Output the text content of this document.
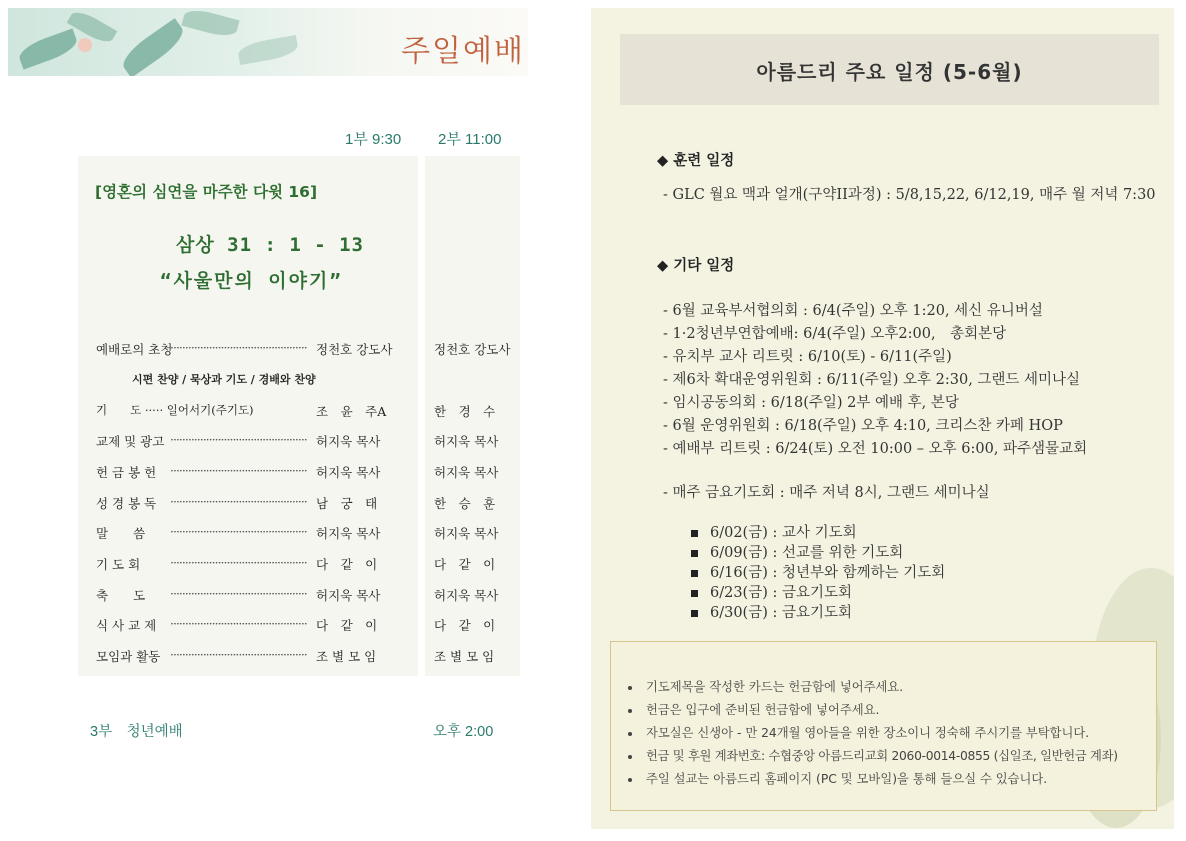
주일예배
1부 9:30 2부 11:00
[영혼의 심연을 마주한 다윗 16]
삼상 31 : 1 - 13
“사울만의 이야기”
예배로의 초청
·············································· 정천호 강도사	정천호 강도사
시편 찬양 / 묵상과 기도 / 경배와 찬양
기　　도 ····· 일어서기(주기도)	조　윤　주A	한　경　수
교제 및 광고 ·············································· 허지욱 목사	허지욱 목사
헌 금 봉 헌 ·············································· 허지욱 목사	허지욱 목사
성 경 봉 독 ·············································· 남　궁　태	한　승　훈
말　　씀 ·············································· 허지욱 목사	허지욱 목사
기 도 회 ·············································· 다　같　이	다　같　이
축　　도 ·············································· 허지욱 목사	허지욱 목사
식 사 교 제 ·············································· 다　같　이	다　같　이
모임과 활동 ·············································· 조 별 모 임	조 별 모 임
3부　청년예배	오후 2:00
아름드리 주요 일정 (5-6월)
◆ 훈련 일정
- GLC 월요 맥과 얼개(구약II과정) : 5/8,15,22, 6/12,19, 매주 월 저녁 7:30
◆ 기타 일정
- 6월 교육부서협의회 : 6/4(주일) 오후 1:20, 세신 유니버설
- 1·2청년부연합예배: 6/4(주일) 오후2:00,　총회본당
- 유치부 교사 리트릿 : 6/10(토) - 6/11(주일)
- 제6차 확대운영위원회 : 6/11(주일) 오후 2:30, 그랜드 세미나실
- 임시공동의회 : 6/18(주일) 2부 예배 후, 본당
- 6월 운영위원회 : 6/18(주일) 오후 4:10, 크리스찬 카페 HOP
- 예배부 리트릿 : 6/24(토) 오전 10:00 – 오후 6:00, 파주샘물교회
- 매주 금요기도회 : 매주 저녁 8시, 그랜드 세미나실
6/02(금) : 교사 기도회
6/09(금) : 선교를 위한 기도회
6/16(금) : 청년부와 함께하는 기도회
6/23(금) : 금요기도회
6/30(금) : 금요기도회
기도제목을 작성한 카드는 헌금함에 넣어주세요.
헌금은 입구에 준비된 헌금함에 넣어주세요.
자모실은 신생아 - 만 24개월 영아들을 위한 장소이니 정숙해 주시기를 부탁합니다.
헌금 및 후원 계좌번호: 수협중앙 아름드리교회 2060-0014-0855 (십일조, 일반헌금 계좌)
주일 설교는 아름드리 홈페이지 (PC 및 모바일)을 통해 들으실 수 있습니다.
